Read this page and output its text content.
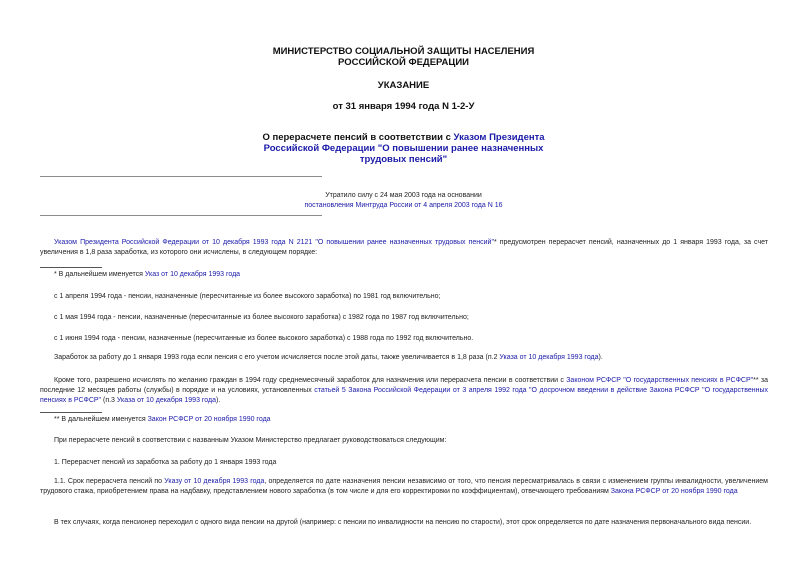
МИНИСТЕРСТВО СОЦИАЛЬНОЙ ЗАЩИТЫ НАСЕЛЕНИЯ
РОССИЙСКОЙ ФЕДЕРАЦИИ
УКАЗАНИЕ
от 31 января 1994 года N 1-2-У
О перерасчете пенсий в соответствии с Указом Президента
Российской Федерации "О повышении ранее назначенных
трудовых пенсий"
Утратило силу с 24 мая 2003 года на основании
постановления Минтруда России от 4 апреля 2003 года N 16
Указом Президента Российской Федерации от 10 декабря 1993 года N 2121 "О повышении ранее назначенных трудовых пенсий"* предусмотрен перерасчет пенсий, назначенных до 1 января 1993 года, за счет увеличения в 1,8 раза заработка, из которого они исчислены, в следующем порядке:
* В дальнейшем именуется Указ от 10 декабря 1993 года
с 1 апреля 1994 года - пенсии, назначенные (пересчитанные из более высокого заработка) по 1981 год включительно;
с 1 мая 1994 года - пенсии, назначенные (пересчитанные из более высокого заработка) с 1982 года по 1987 год включительно;
с 1 июня 1994 года - пенсии, назначенные (пересчитанные из более высокого заработка) с 1988 года по 1992 год включительно.
Заработок за работу до 1 января 1993 года если пенсия с его учетом исчисляется после этой даты, также увеличивается в 1,8 раза (п.2 Указа от 10 декабря 1993 года).
Кроме того, разрешено исчислять по желанию граждан в 1994 году среднемесячный заработок для назначения или перерасчета пенсии в соответствии с Законом РСФСР "О государственных пенсиях в РСФСР"** за последние 12 месяцев работы (службы) в порядке и на условиях, установленных статьей 5 Закона Российской Федерации от 3 апреля 1992 года "О досрочном введении в действие Закона РСФСР "О государственных пенсиях в РСФСР" (п.3 Указа от 10 декабря 1993 года).
** В дальнейшем именуется Закон РСФСР от 20 ноября 1990 года
При перерасчете пенсий в соответствии с названным Указом Министерство предлагает руководствоваться следующим:
1. Перерасчет пенсий из заработка за работу до 1 января 1993 года
1.1. Срок перерасчета пенсий по Указу от 10 декабря 1993 года, определяется по дате назначения пенсии независимо от того, что пенсия пересматривалась в связи с изменением группы инвалидности, увеличением трудового стажа, приобретением права на надбавку, представлением нового заработка (в том числе и для его корректировки по коэффициентам), отвечающего требованиям Закона РСФСР от 20 ноября 1990 года
В тех случаях, когда пенсионер переходил с одного вида пенсии на другой (например: с пенсии по инвалидности на пенсию по старости), этот срок определяется по дате назначения первоначального вида пенсии.
